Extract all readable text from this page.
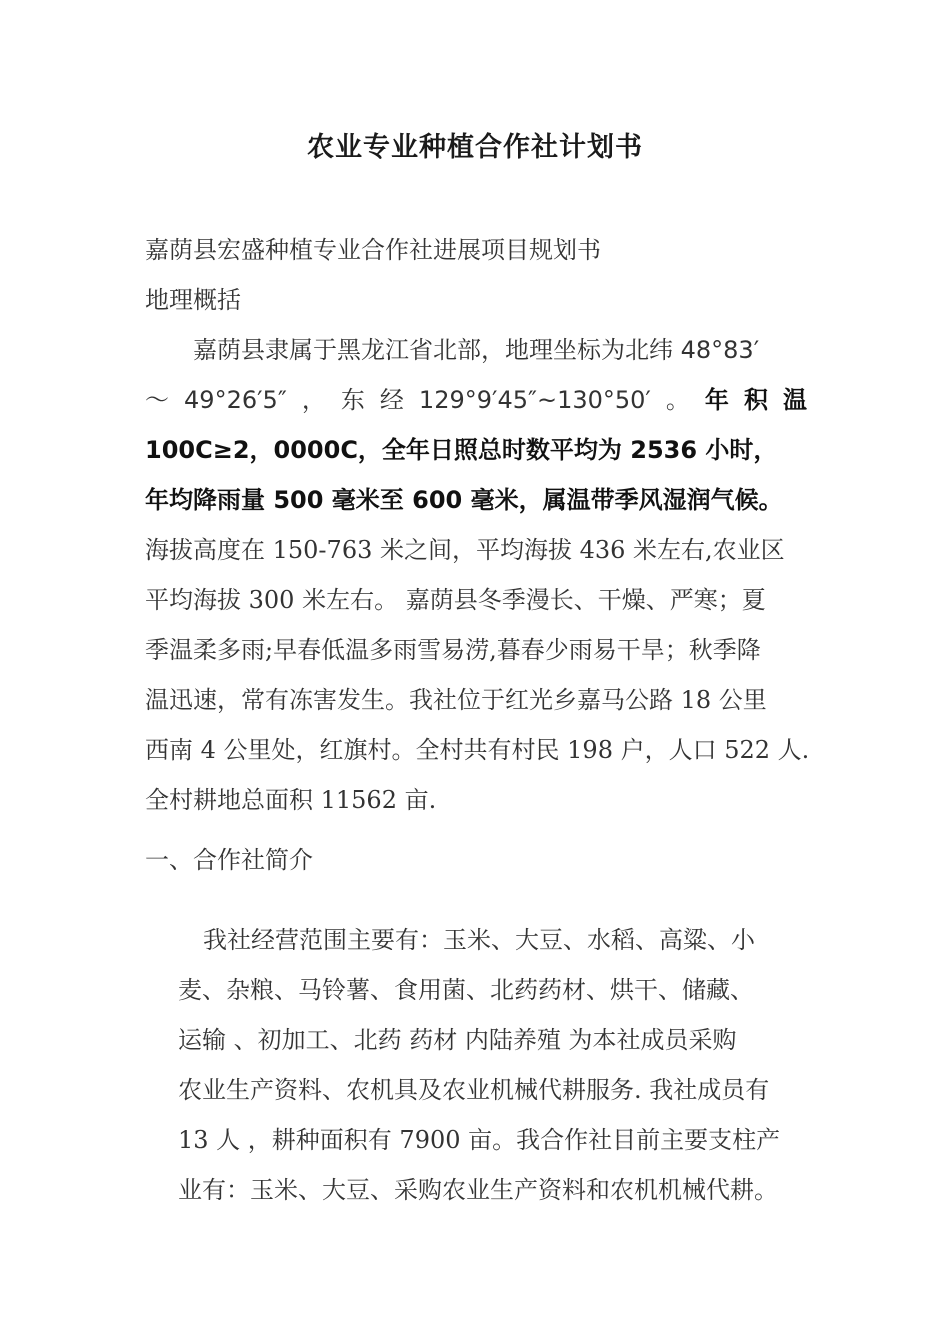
农业专业种植合作社计划书
嘉荫县宏盛种植专业合作社进展项目规划书
地理概括
嘉荫县隶属于黑龙江省北部，地理坐标为北纬 48°83′
～ 49°26′5″ ， 东 经 129°9′45″~130°50′ 。 年 积 温
100C≥2，0000C，全年日照总时数平均为 2536 小时，
年均降雨量 500 毫米至 600 毫米，属温带季风湿润气候。
海拔高度在 150-763 米之间，平均海拔 436 米左右,农业区
平均海拔 300 米左右。 嘉荫县冬季漫长、干燥、严寒；夏
季温柔多雨;早春低温多雨雪易涝,暮春少雨易干旱；秋季降
温迅速，常有冻害发生。我社位于红光乡嘉马公路 18 公里
西南 4 公里处，红旗村。全村共有村民 198 户，人口 522 人.
全村耕地总面积 11562 亩.
一、合作社简介
我社经营范围主要有：玉米、大豆、水稻、高粱、小
麦、杂粮、马铃薯、食用菌、北药药材、烘干、储藏、
运输 、初加工、北药 药材 内陆养殖 为本社成员采购
农业生产资料、农机具及农业机械代耕服务. 我社成员有
13 人 ，耕种面积有 7900 亩。我合作社目前主要支柱产
业有：玉米、大豆、采购农业生产资料和农机机械代耕。
